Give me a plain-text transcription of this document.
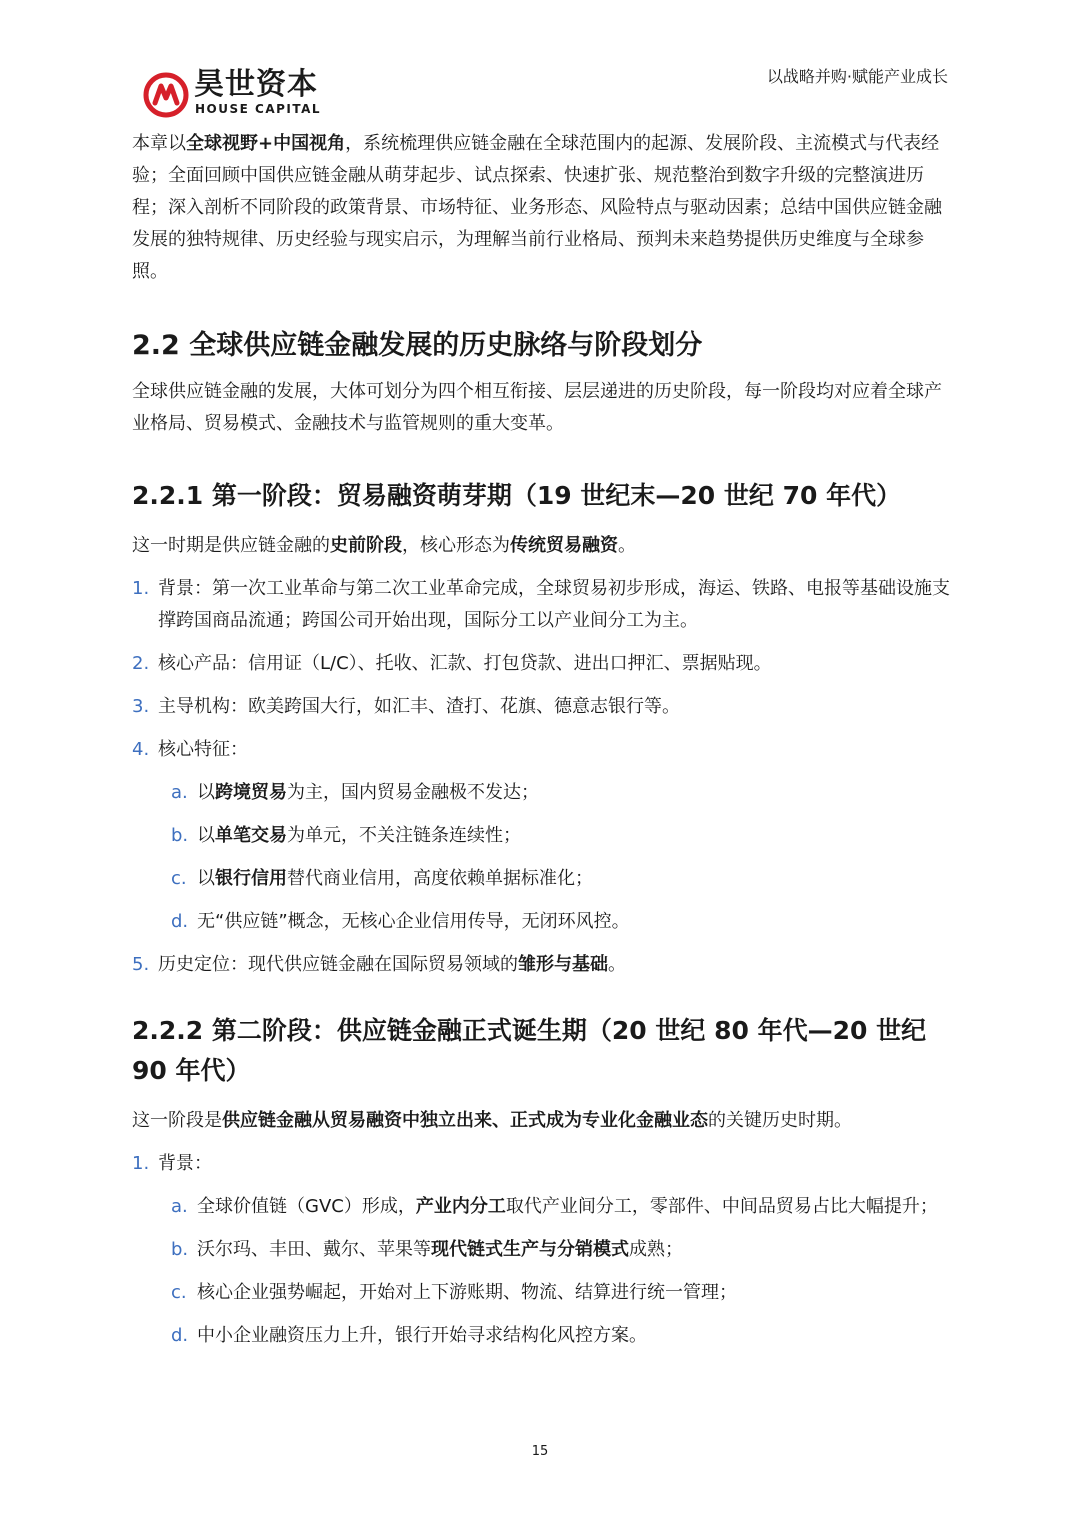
昊世资本
HOUSE CAPITAL
以战略并购·赋能产业成长

本章以全球视野+中国视角，系统梳理供应链金融在全球范围内的起源、发展阶段、主流模式与代表经验；全面回顾中国供应链金融从萌芽起步、试点探索、快速扩张、规范整治到数字升级的完整演进历程；深入剖析不同阶段的政策背景、市场特征、业务形态、风险特点与驱动因素；总结中国供应链金融发展的独特规律、历史经验与现实启示，为理解当前行业格局、预判未来趋势提供历史维度与全球参照。

2.2 全球供应链金融发展的历史脉络与阶段划分

全球供应链金融的发展，大体可划分为四个相互衔接、层层递进的历史阶段，每一阶段均对应着全球产业格局、贸易模式、金融技术与监管规则的重大变革。

2.2.1 第一阶段：贸易融资萌芽期（19 世纪末—20 世纪 70 年代）

这一时期是供应链金融的史前阶段，核心形态为传统贸易融资。

1. 背景：第一次工业革命与第二次工业革命完成，全球贸易初步形成，海运、铁路、电报等基础设施支撑跨国商品流通；跨国公司开始出现，国际分工以产业间分工为主。
2. 核心产品：信用证（L/C）、托收、汇款、打包贷款、进出口押汇、票据贴现。
3. 主导机构：欧美跨国大行，如汇丰、渣打、花旗、德意志银行等。
4. 核心特征：
a. 以跨境贸易为主，国内贸易金融极不发达；
b. 以单笔交易为单元，不关注链条连续性；
c. 以银行信用替代商业信用，高度依赖单据标准化；
d. 无“供应链”概念，无核心企业信用传导，无闭环风控。
5. 历史定位：现代供应链金融在国际贸易领域的雏形与基础。
2.2.2 第二阶段：供应链金融正式诞生期（20 世纪 80 年代—20 世纪 90 年代）

这一阶段是供应链金融从贸易融资中独立出来、正式成为专业化金融业态的关键历史时期。

1. 背景：
a. 全球价值链（GVC）形成，产业内分工取代产业间分工，零部件、中间品贸易占比大幅提升；
b. 沃尔玛、丰田、戴尔、苹果等现代链式生产与分销模式成熟；
c. 核心企业强势崛起，开始对上下游账期、物流、结算进行统一管理；
d. 中小企业融资压力上升，银行开始寻求结构化风控方案。
15
